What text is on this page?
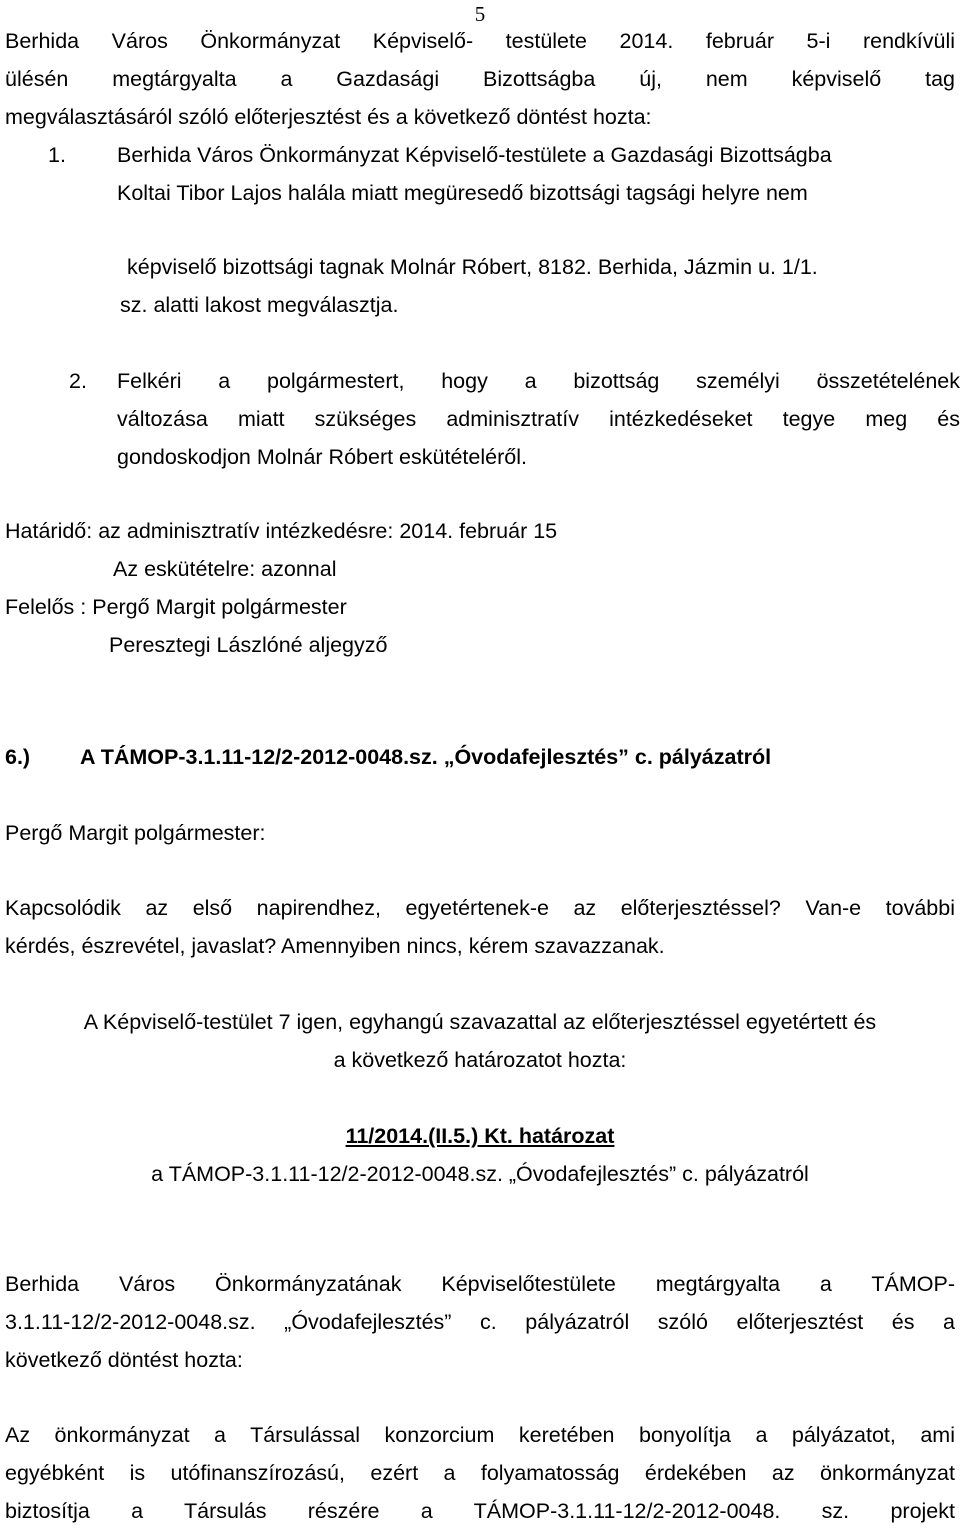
5
Berhida Város Önkormányzat Képviselő- testülete 2014. február 5-i rendkívüli
ülésén megtárgyalta a Gazdasági Bizottságba új, nem képviselő tag
megválasztásáról szóló előterjesztést és a következő döntést hozta:
1. Berhida Város Önkormányzat Képviselő-testülete a Gazdasági Bizottságba
Koltai Tibor Lajos halála miatt megüresedő bizottsági tagsági helyre nem
képviselő bizottsági tagnak Molnár Róbert, 8182. Berhida, Jázmin u. 1/1.
sz. alatti lakost megválasztja.
2. Felkéri a polgármestert, hogy a bizottság személyi összetételének
változása miatt szükséges adminisztratív intézkedéseket tegye meg és
gondoskodjon Molnár Róbert eskütételéről.
Határidő: az adminisztratív intézkedésre: 2014. február 15
Az eskütételre: azonnal
Felelős : Pergő Margit polgármester
Peresztegi Lászlóné aljegyző
6.) A TÁMOP-3.1.11-12/2-2012-0048.sz. „Óvodafejlesztés” c. pályázatról
Pergő Margit polgármester:
Kapcsolódik az első napirendhez, egyetértenek-e az előterjesztéssel? Van-e további
kérdés, észrevétel, javaslat? Amennyiben nincs, kérem szavazzanak.
A Képviselő-testület 7 igen, egyhangú szavazattal az előterjesztéssel egyetértett és
a következő határozatot hozta:
11/2014.(II.5.) Kt. határozat
a TÁMOP-3.1.11-12/2-2012-0048.sz. „Óvodafejlesztés” c. pályázatról
Berhida Város Önkormányzatának Képviselőtestülete megtárgyalta a TÁMOP-
3.1.11-12/2-2012-0048.sz. „Óvodafejlesztés” c. pályázatról szóló előterjesztést és a
következő döntést hozta:
Az önkormányzat a Társulással konzorcium keretében bonyolítja a pályázatot, ami
egyébként is utófinanszírozású, ezért a folyamatosság érdekében az önkormányzat
biztosítja a Társulás részére a TÁMOP-3.1.11-12/2-2012-0048. sz. projekt
